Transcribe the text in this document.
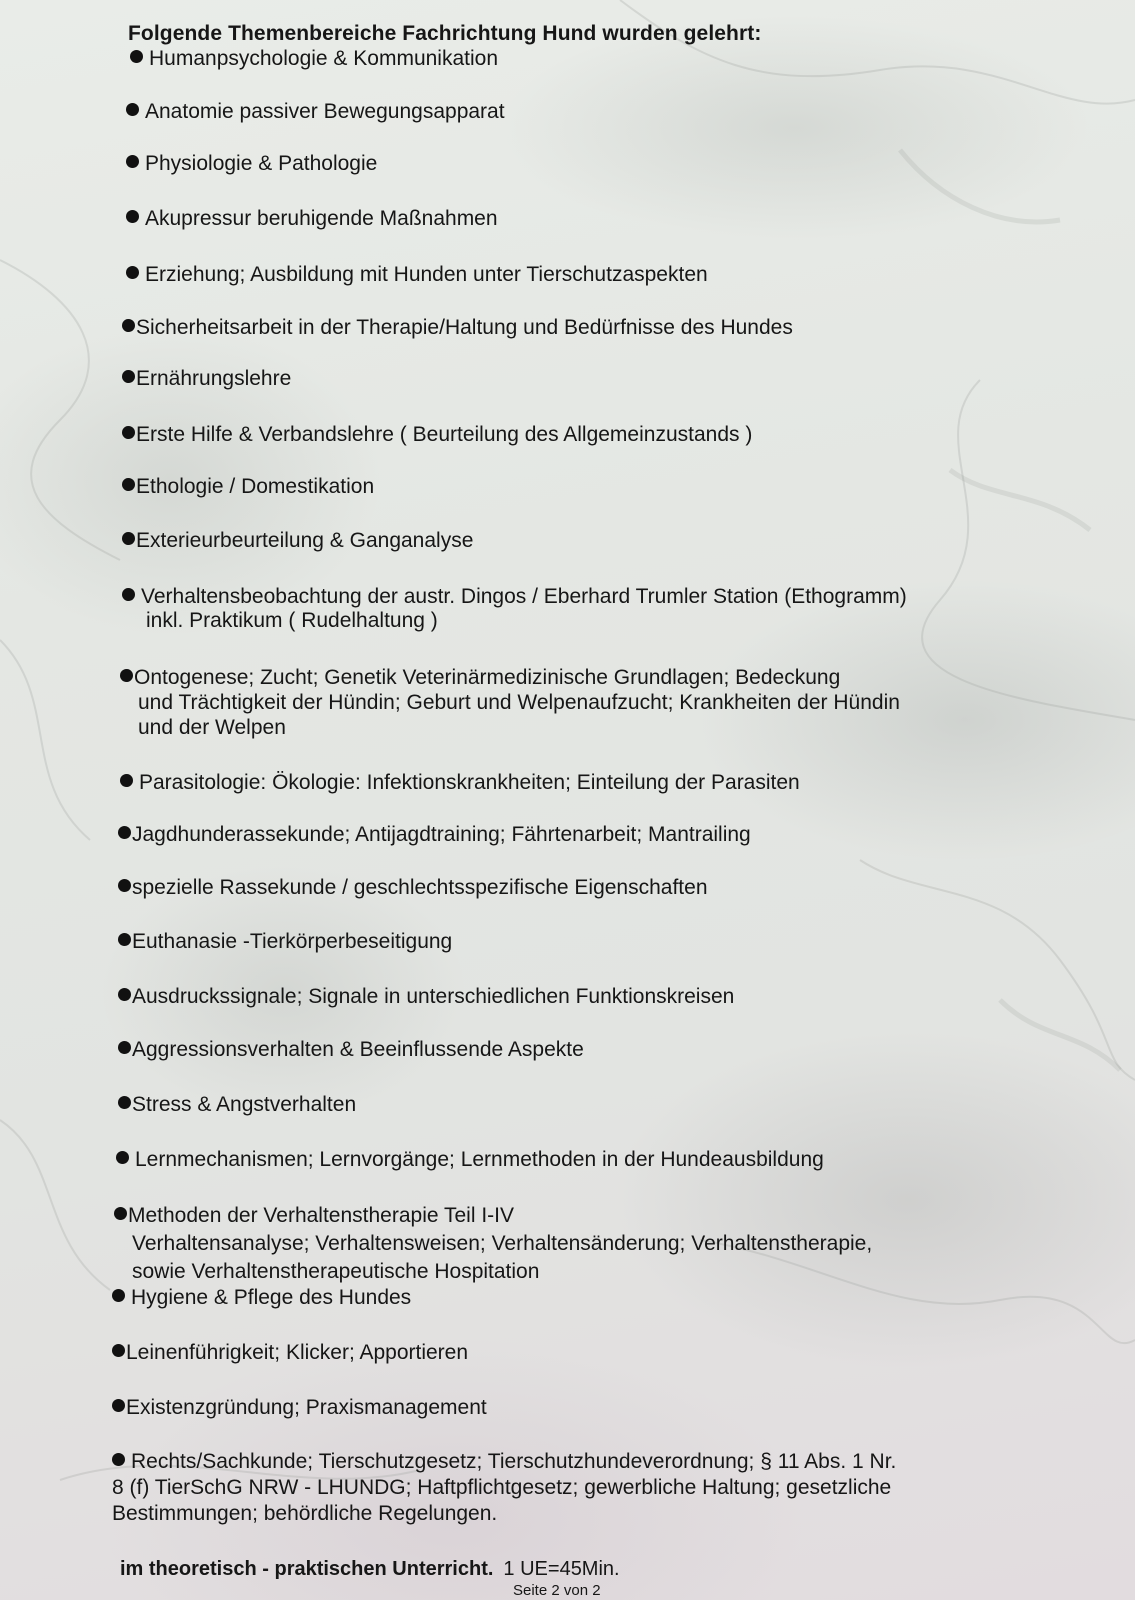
Folgende Themenbereiche Fachrichtung Hund wurden gelehrt:
Humanpsychologie & Kommunikation
Anatomie passiver Bewegungsapparat
Physiologie & Pathologie
Akupressur beruhigende Maßnahmen
Erziehung; Ausbildung mit Hunden unter Tierschutzaspekten
Sicherheitsarbeit in der Therapie/Haltung und Bedürfnisse des Hundes
Ernährungslehre
Erste Hilfe & Verbandslehre ( Beurteilung des Allgemeinzustands )
Ethologie / Domestikation
Exterieurbeurteilung & Ganganalyse
Verhaltensbeobachtung der austr. Dingos / Eberhard Trumler Station (Ethogramm)
inkl. Praktikum ( Rudelhaltung )
Ontogenese; Zucht; Genetik Veterinärmedizinische Grundlagen; Bedeckung
und Trächtigkeit der Hündin; Geburt und Welpenaufzucht; Krankheiten der Hündin
und der Welpen
Parasitologie: Ökologie: Infektionskrankheiten; Einteilung der Parasiten
Jagdhunderassekunde; Antijagdtraining; Fährtenarbeit; Mantrailing
spezielle Rassekunde / geschlechtsspezifische Eigenschaften
Euthanasie -Tierkörperbeseitigung
Ausdruckssignale; Signale in unterschiedlichen Funktionskreisen
Aggressionsverhalten & Beeinflussende Aspekte
Stress & Angstverhalten
Lernmechanismen; Lernvorgänge; Lernmethoden in der Hundeausbildung
Methoden der Verhaltenstherapie Teil I-IV
Verhaltensanalyse; Verhaltensweisen; Verhaltensänderung; Verhaltenstherapie,
sowie Verhaltenstherapeutische Hospitation
Hygiene & Pflege des Hundes
Leinenführigkeit; Klicker; Apportieren
Existenzgründung; Praxismanagement
Rechts/Sachkunde; Tierschutzgesetz; Tierschutzhundeverordnung; § 11 Abs. 1 Nr.
8 (f) TierSchG NRW - LHUNDG; Haftpflichtgesetz; gewerbliche Haltung; gesetzliche
Bestimmungen; behördliche Regelungen.
im theoretisch - praktischen Unterricht. 1 UE=45Min.
Seite 2 von 2
